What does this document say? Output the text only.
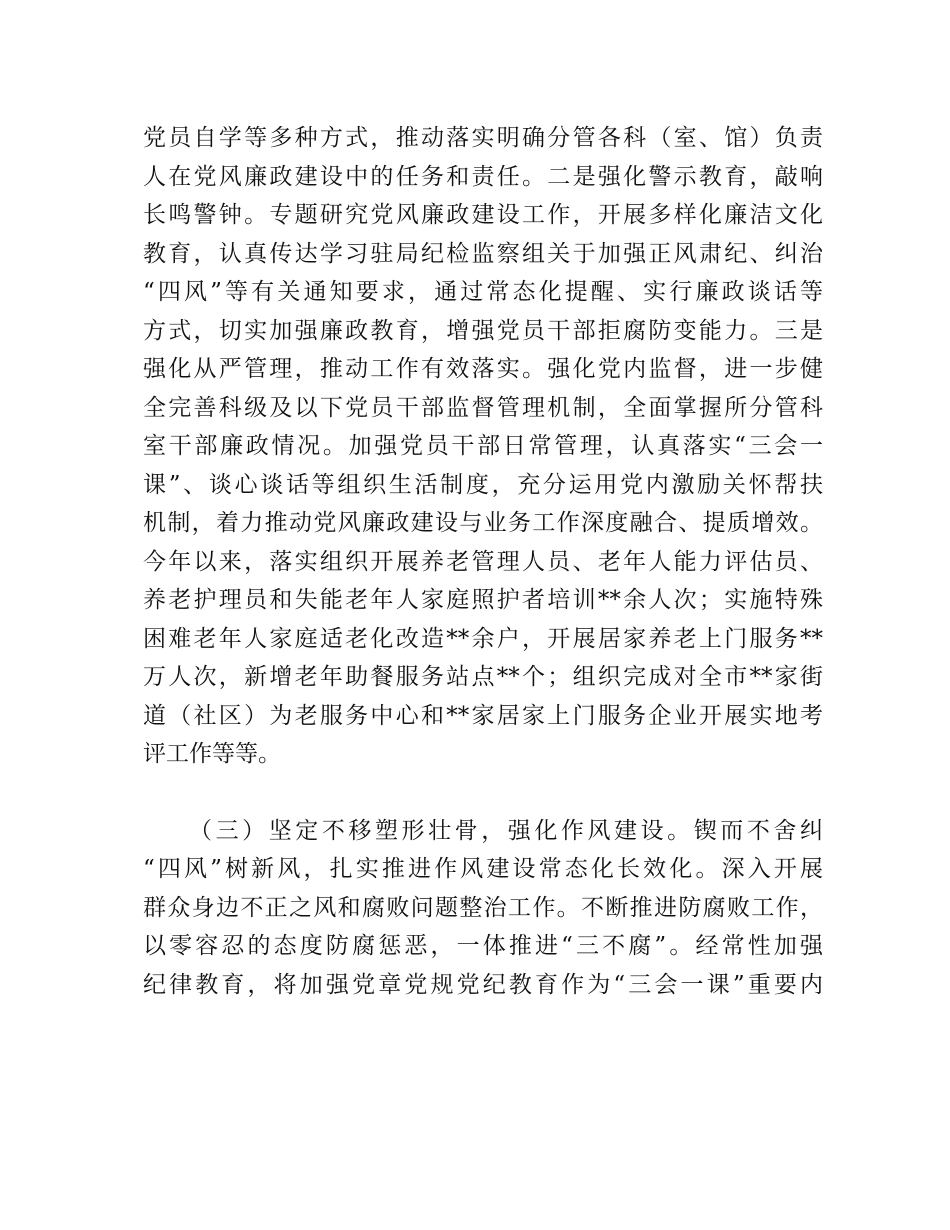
党员自学等多种方式，推动落实明确分管各科（室、馆）负责
人在党风廉政建设中的任务和责任。二是强化警示教育，敲响
长鸣警钟。专题研究党风廉政建设工作，开展多样化廉洁文化
教育，认真传达学习驻局纪检监察组关于加强正风肃纪、纠治
“四风”等有关通知要求，通过常态化提醒、实行廉政谈话等
方式，切实加强廉政教育，增强党员干部拒腐防变能力。三是
强化从严管理，推动工作有效落实。强化党内监督，进一步健
全完善科级及以下党员干部监督管理机制，全面掌握所分管科
室干部廉政情况。加强党员干部日常管理，认真落实“三会一
课”、谈心谈话等组织生活制度，充分运用党内激励关怀帮扶
机制，着力推动党风廉政建设与业务工作深度融合、提质增效。
今年以来，落实组织开展养老管理人员、老年人能力评估员、
养老护理员和失能老年人家庭照护者培训**余人次；实施特殊
困难老年人家庭适老化改造**余户，开展居家养老上门服务**
万人次，新增老年助餐服务站点**个；组织完成对全市**家街
道（社区）为老服务中心和**家居家上门服务企业开展实地考
评工作等等。
（三）坚定不移塑形壮骨，强化作风建设。锲而不舍纠
“四风”树新风，扎实推进作风建设常态化长效化。深入开展
群众身边不正之风和腐败问题整治工作。不断推进防腐败工作，
以零容忍的态度防腐惩恶，一体推进“三不腐”。经常性加强
纪律教育，将加强党章党规党纪教育作为“三会一课”重要内
